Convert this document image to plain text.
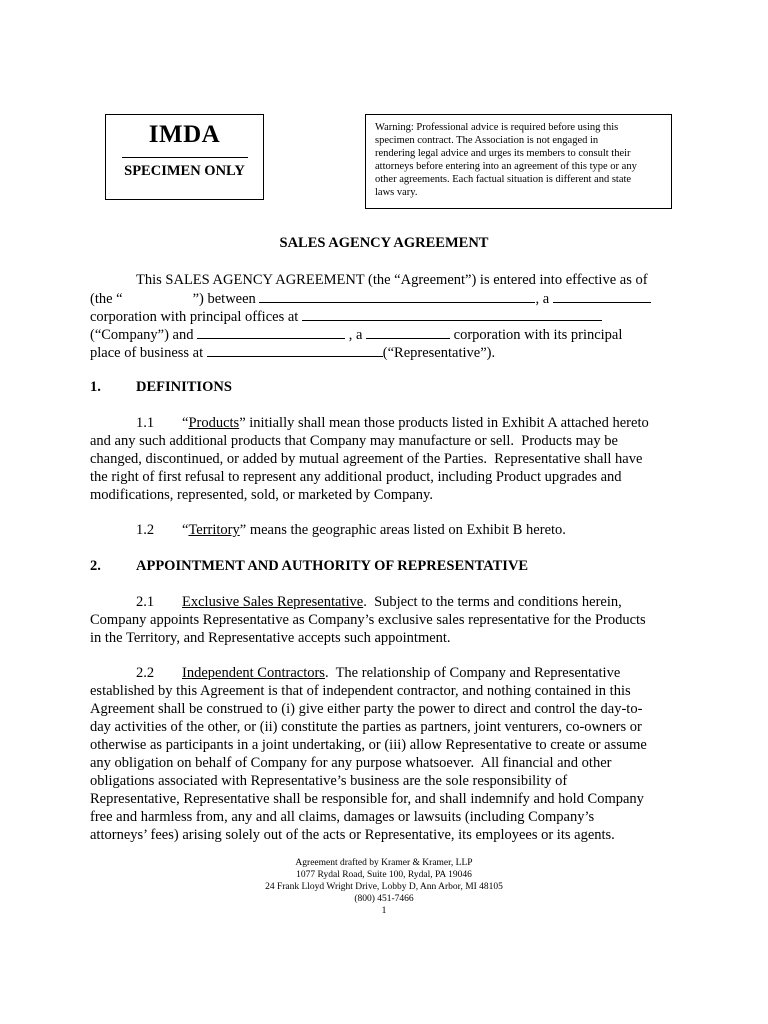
IMDA
SPECIMEN ONLY
Warning: Professional advice is required before using this
specimen contract. The Association is not engaged in
rendering legal advice and urges its members to consult their
attorneys before entering into an agreement of this type or any
other agreements. Each factual situation is different and state
laws vary.
SALES AGENCY AGREEMENT
This SALES AGENCY AGREEMENT (the “Agreement”) is entered into effective as of
(the “	”) between	, a
corporation with principal offices at
(“Company”) and	, a	corporation with its principal
place of business at	(“Representative”).
1. DEFINITIONS
1.1 “Products” initially shall mean those products listed in Exhibit A attached hereto
and any such additional products that Company may manufacture or sell.  Products may be
changed, discontinued, or added by mutual agreement of the Parties.  Representative shall have
the right of first refusal to represent any additional product, including Product upgrades and
modifications, represented, sold, or marketed by Company.
1.2 “Territory” means the geographic areas listed on Exhibit B hereto.
2. APPOINTMENT AND AUTHORITY OF REPRESENTATIVE
2.1 Exclusive Sales Representative.  Subject to the terms and conditions herein,
Company appoints Representative as Company’s exclusive sales representative for the Products
in the Territory, and Representative accepts such appointment.
2.2 Independent Contractors.  The relationship of Company and Representative
established by this Agreement is that of independent contractor, and nothing contained in this
Agreement shall be construed to (i) give either party the power to direct and control the day-to-
day activities of the other, or (ii) constitute the parties as partners, joint venturers, co-owners or
otherwise as participants in a joint undertaking, or (iii) allow Representative to create or assume
any obligation on behalf of Company for any purpose whatsoever.  All financial and other
obligations associated with Representative’s business are the sole responsibility of
Representative, Representative shall be responsible for, and shall indemnify and hold Company
free and harmless from, any and all claims, damages or lawsuits (including Company’s
attorneys’ fees) arising solely out of the acts or Representative, its employees or its agents.
Agreement drafted by Kramer & Kramer, LLP
1077 Rydal Road, Suite 100, Rydal, PA 19046
24 Frank Lloyd Wright Drive, Lobby D, Ann Arbor, MI 48105
(800) 451-7466
1
